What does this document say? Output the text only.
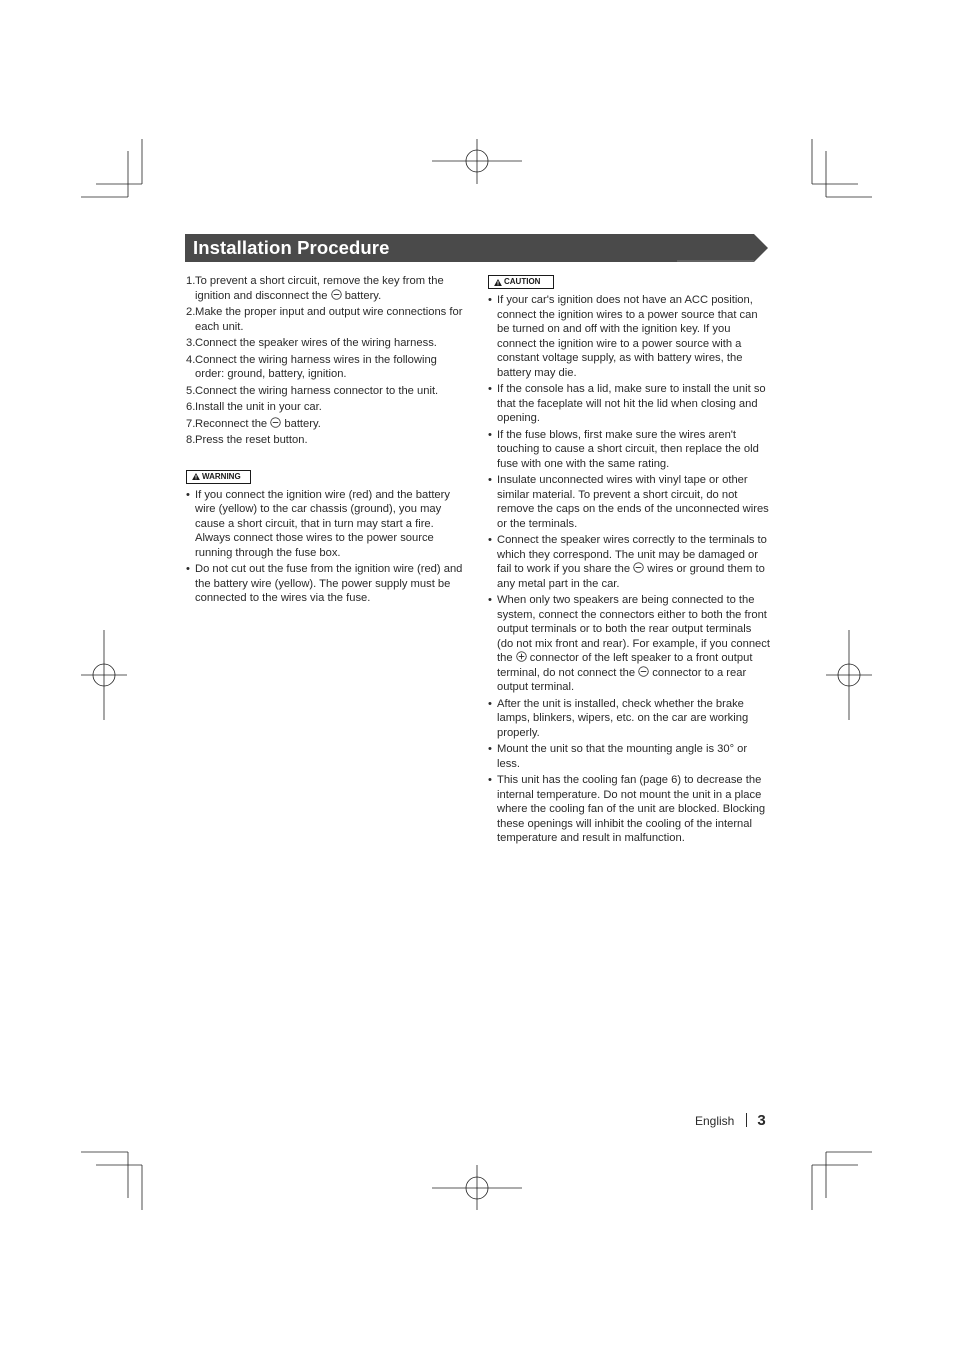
Installation Procedure
1. To prevent a short circuit, remove the key from the ignition and disconnect the battery.
2. Make the proper input and output wire connections for each unit.
3. Connect the speaker wires of the wiring harness.
4. Connect the wiring harness wires in the following order: ground, battery, ignition.
5. Connect the wiring harness connector to the unit.
6. Install the unit in your car.
7. Reconnect the battery.
8. Press the reset button.
WARNING
• If you connect the ignition wire (red) and the battery wire (yellow) to the car chassis (ground), you may cause a short circuit, that in turn may start a fire. Always connect those wires to the power source running through the fuse box.
• Do not cut out the fuse from the ignition wire (red) and the battery wire (yellow). The power supply must be connected to the wires via the fuse.
CAUTION
• If your car's ignition does not have an ACC position, connect the ignition wires to a power source that can be turned on and off with the ignition key. If you connect the ignition wire to a power source with a constant voltage supply, as with battery wires, the battery may die.
• If the console has a lid, make sure to install the unit so that the faceplate will not hit the lid when closing and opening.
• If the fuse blows, first make sure the wires aren't touching to cause a short circuit, then replace the old fuse with one with the same rating.
• Insulate unconnected wires with vinyl tape or other similar material. To prevent a short circuit, do not remove the caps on the ends of the unconnected wires or the terminals.
• Connect the speaker wires correctly to the terminals to which they correspond. The unit may be damaged or fail to work if you share the wires or ground them to any metal part in the car.
• When only two speakers are being connected to the system, connect the connectors either to both the front output terminals or to both the rear output terminals (do not mix front and rear). For example, if you connect the connector of the left speaker to a front output terminal, do not connect the connector to a rear output terminal.
• After the unit is installed, check whether the brake lamps, blinkers, wipers, etc. on the car are working properly.
• Mount the unit so that the mounting angle is 30° or less.
• This unit has the cooling fan (page 6) to decrease the internal temperature. Do not mount the unit in a place where the cooling fan of the unit are blocked. Blocking these openings will inhibit the cooling of the internal temperature and result in malfunction.
English 3
